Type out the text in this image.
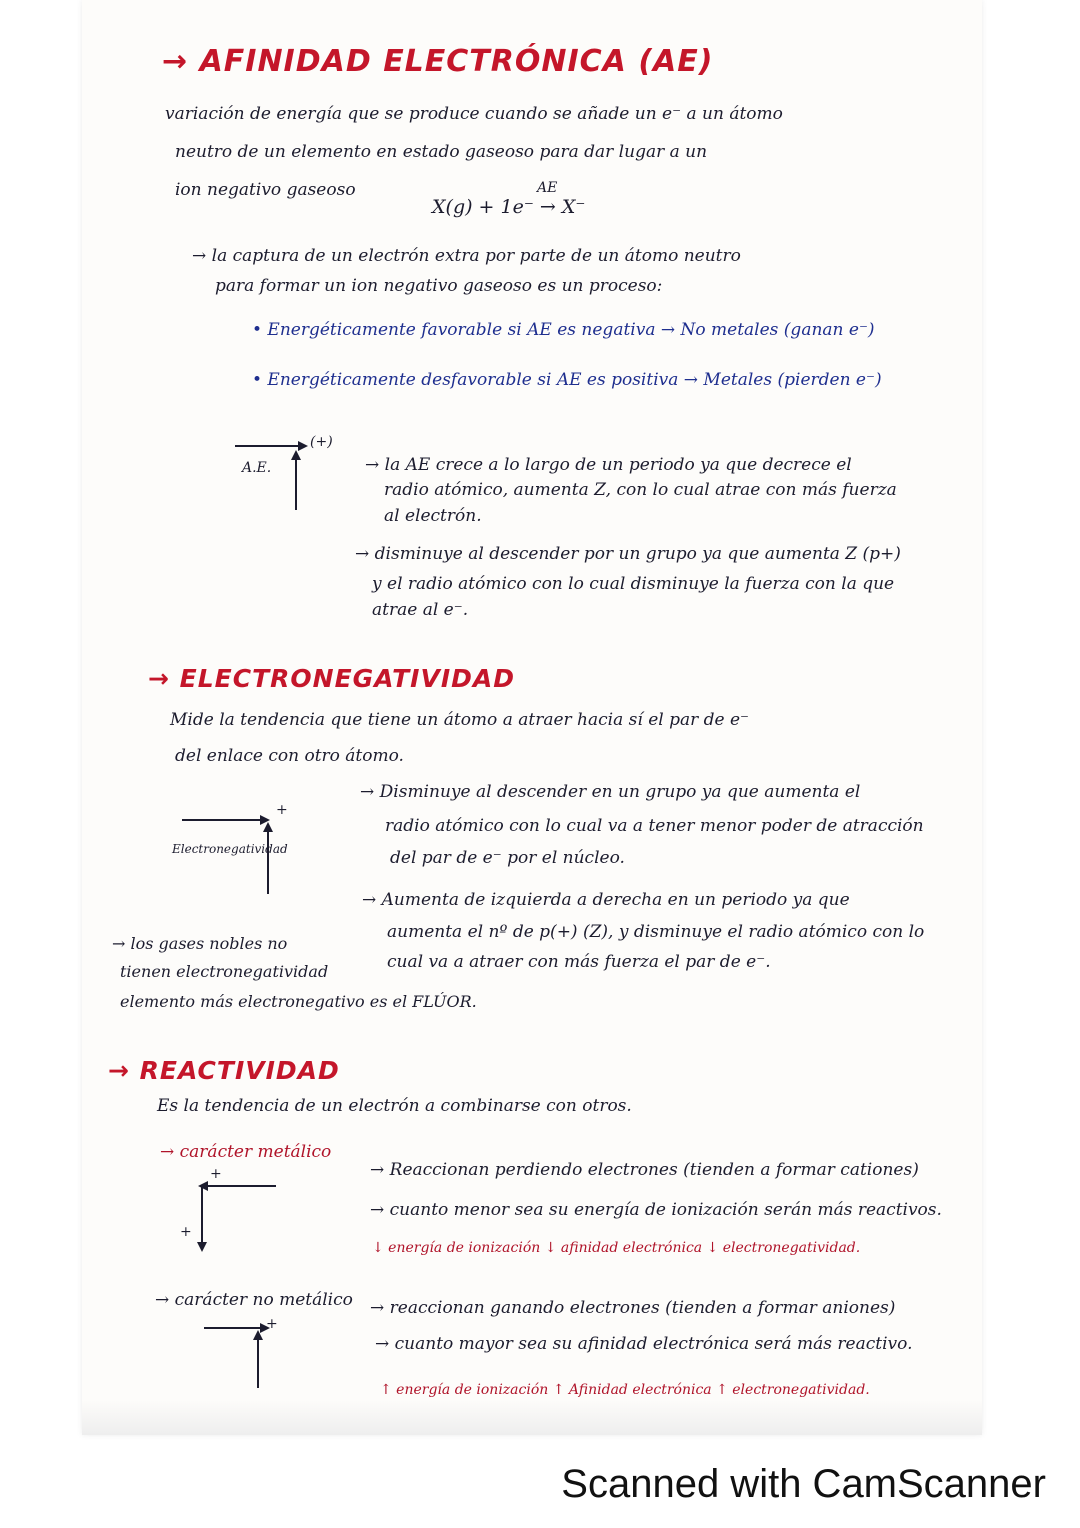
→ AFINIDAD ELECTRÓNICA (AE)
variación de energía que se produce cuando se añade un e⁻ a un átomo
neutro de un elemento en estado gaseoso para dar lugar a un
ion negativo gaseoso	AE
X(g) + 1e⁻ → X⁻
→ la captura de un electrón extra por parte de un átomo neutro
para formar un ion negativo gaseoso es un proceso:
• Energéticamente favorable si AE es negativa → No metales (ganan e⁻)
• Energéticamente desfavorable si AE es positiva → Metales (pierden e⁻)
(+)
A.E.	→ la AE crece a lo largo de un periodo ya que decrece el
radio atómico, aumenta Z, con lo cual atrae con más fuerza
al electrón.
→ disminuye al descender por un grupo ya que aumenta Z (p+)
y el radio atómico con lo cual disminuye la fuerza con la que
atrae al e⁻.
→ ELECTRONEGATIVIDAD
Mide la tendencia que tiene un átomo a atraer hacia sí el par de e⁻
del enlace con otro átomo.
+
Electronegatividad
→ Disminuye al descender en un grupo ya que aumenta el
radio atómico con lo cual va a tener menor poder de atracción
del par de e⁻ por el núcleo.
→ Aumenta de izquierda a derecha en un periodo ya que
aumenta el nº de p(+) (Z), y disminuye el radio atómico con lo
cual va a atraer con más fuerza el par de e⁻.
→ los gases nobles no
tienen electronegatividad
elemento más electronegativo es el FLÚOR.
→ REACTIVIDAD
Es la tendencia de un electrón a combinarse con otros.
→ carácter metálico
+
+
→ Reaccionan perdiendo electrones (tienden a formar cationes)
→ cuanto menor sea su energía de ionización serán más reactivos.
↓ energía de ionización ↓ afinidad electrónica ↓ electronegatividad.
→ carácter no metálico
+
→ reaccionan ganando electrones (tienden a formar aniones)
→ cuanto mayor sea su afinidad electrónica será más reactivo.
↑ energía de ionización ↑ Afinidad electrónica ↑ electronegatividad.
Scanned with CamScanner
